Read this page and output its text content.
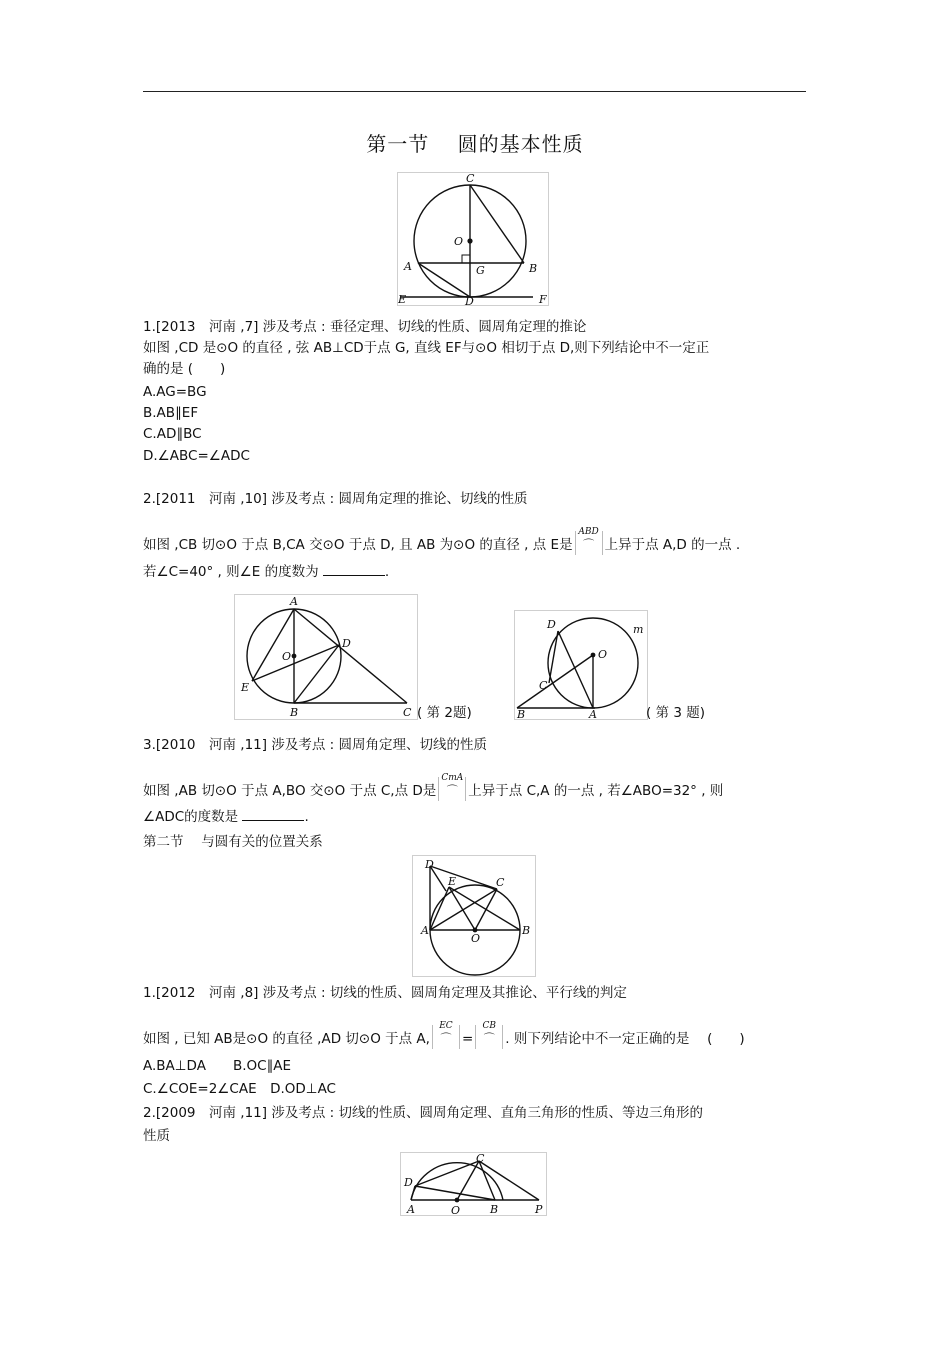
第一节　 圆的基本性质
C
O
A	G	B
E	D	F
1.[2013　河南 ,7] 涉及考点 : 垂径定理、切线的性质、圆周角定理的推论
如图 ,CD 是⊙O 的直径 , 弦 AB⊥CD于点 G, 直线 EF与⊙O 相切于点 D,则下列结论中不一定正
确的是 (　　)
A.AG=BG
B.AB∥EF
C.AD∥BC
D.∠ABC=∠ADC
2.[2011　河南 ,10] 涉及考点 : 圆周角定理的推论、切线的性质
如图 ,CB 切⊙O 于点 B,CA 交⊙O 于点 D, 且 AB 为⊙O 的直径 , 点 E是
ABD
⌒ 上异于点 A,D 的一点 .
若∠C=40° , 则∠E 的度数为	.
A
D
O
E
B	C ( 第 2题)
D	m
O
C
B	A	( 第 3 题)
3.[2010　河南 ,11] 涉及考点 : 圆周角定理、切线的性质
如图 ,AB 切⊙O 于点 A,BO 交⊙O 于点 C,点 D是
CmA
⌒ 上异于点 C,A 的一点 , 若∠ABO=32° , 则
∠ADC的度数是	.
第二节　 与圆有关的位置关系
D
E	C
A
O
B
1.[2012　河南 ,8] 涉及考点 : 切线的性质、圆周角定理及其推论、平行线的判定
如图 , 已知 AB是⊙O 的直径 ,AD 切⊙O 于点 A,
EC
⌒ =
CB
⌒ . 则下列结论中不一定正确的是　 (　　)
A.BA⊥DA　　B.OC∥AE
C.∠COE=2∠CAE　D.OD⊥AC
2.[2009　河南 ,11] 涉及考点 : 切线的性质、圆周角定理、直角三角形的性质、等边三角形的
性质
C
D
A	O	B	P
